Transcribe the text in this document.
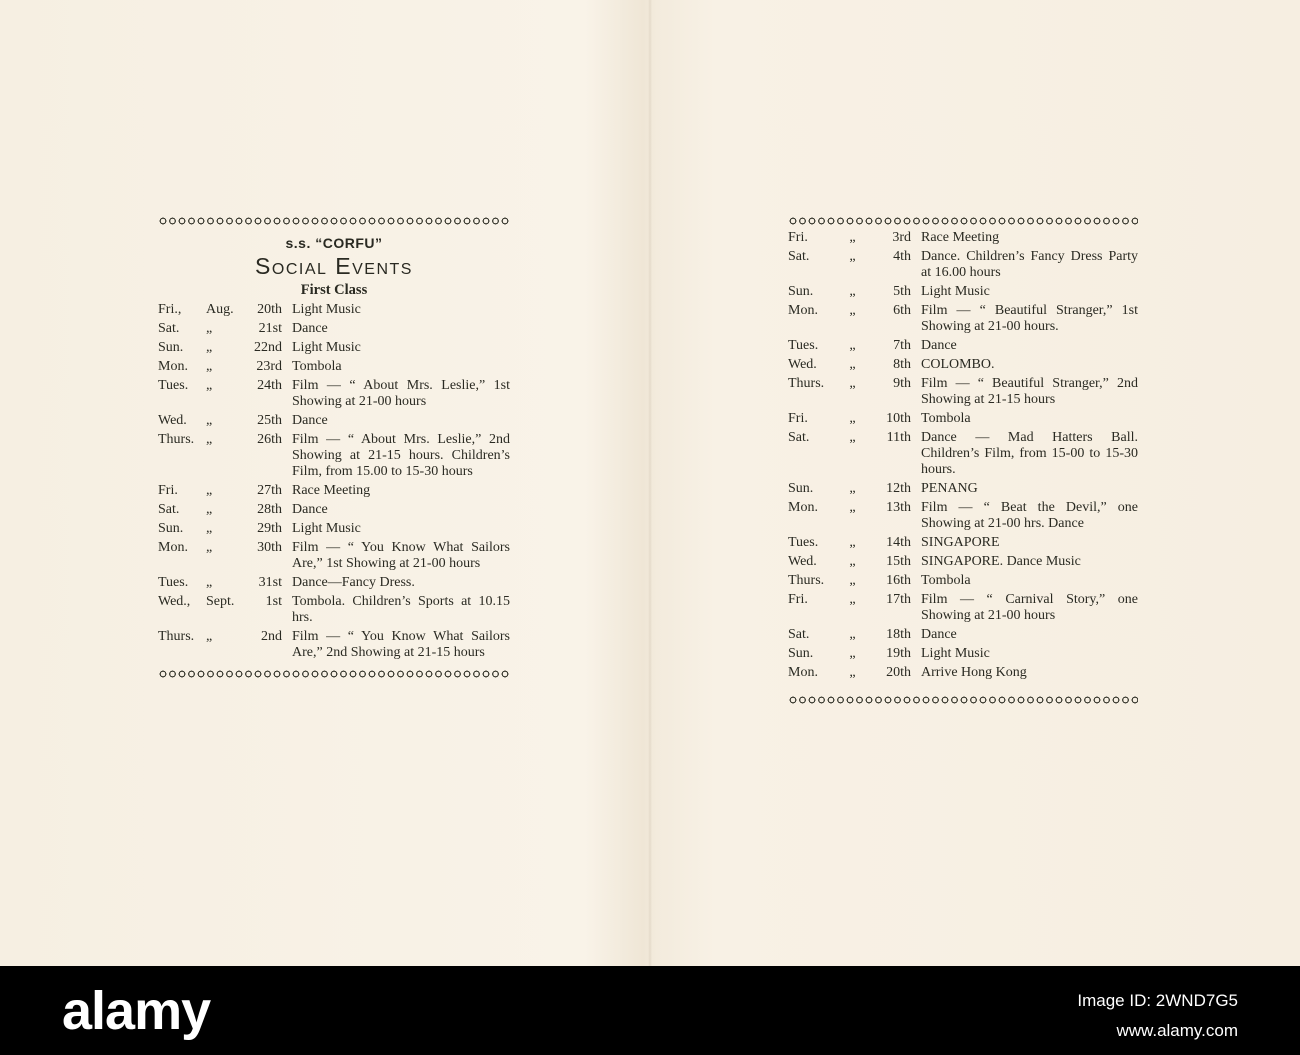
s.s. “CORFU”
Social Events
First Class
Fri.,	Aug.	20th Light Music
Sat.	„	21st Dance
Sun.	„	22nd Light Music
Mon.	„	23rd Tombola
Tues.	„	24th Film — “ About Mrs. Leslie,” 1st Showing at 21-00 hours
Wed.	„	25th Dance
Thurs. „	26th Film — “ About Mrs. Leslie,” 2nd Showing at 21-15 hours. Children’s Film, from 15.00 to 15-30 hours
Fri.	„	27th Race Meeting
Sat.	„	28th Dance
Sun.	„	29th Light Music
Mon.	„	30th Film — “ You Know What Sailors Are,” 1st Showing at 21-00 hours
Tues.	„	31st Dance—Fancy Dress.
Wed.,	Sept.	1st Tombola. Children’s Sports at 10.15 hrs.
Thurs. „	2nd Film — “ You Know What Sailors Are,” 2nd Showing at 21-15 hours
Fri.	„	3rd Race Meeting
Sat.	„	4th Dance. Children’s Fancy Dress Party at 16.00 hours
Sun.	„	5th Light Music
Mon.	„	6th Film — “ Beautiful Stranger,” 1st Showing at 21-00 hours.
Tues.	„	7th Dance
Wed.	„	8th COLOMBO.
Thurs.	„	9th Film — “ Beautiful Stranger,” 2nd Showing at 21-15 hours
Fri.	„	10th Tombola
Sat.	„	11th Dance — Mad Hatters Ball. Children’s Film, from 15-00 to 15-30 hours.
Sun.	„	12th PENANG
Mon.	„	13th Film — “ Beat the Devil,” one Showing at 21-00 hrs. Dance
Tues.	„	14th SINGAPORE
Wed.	„	15th SINGAPORE. Dance Music
Thurs.	„	16th Tombola
Fri.	„	17th Film — “ Carnival Story,” one Showing at 21-00 hours
Sat.	„	18th Dance
Sun.	„	19th Light Music
Mon.	„	20th Arrive Hong Kong
alamy	Image ID: 2WND7G5
www.alamy.com
